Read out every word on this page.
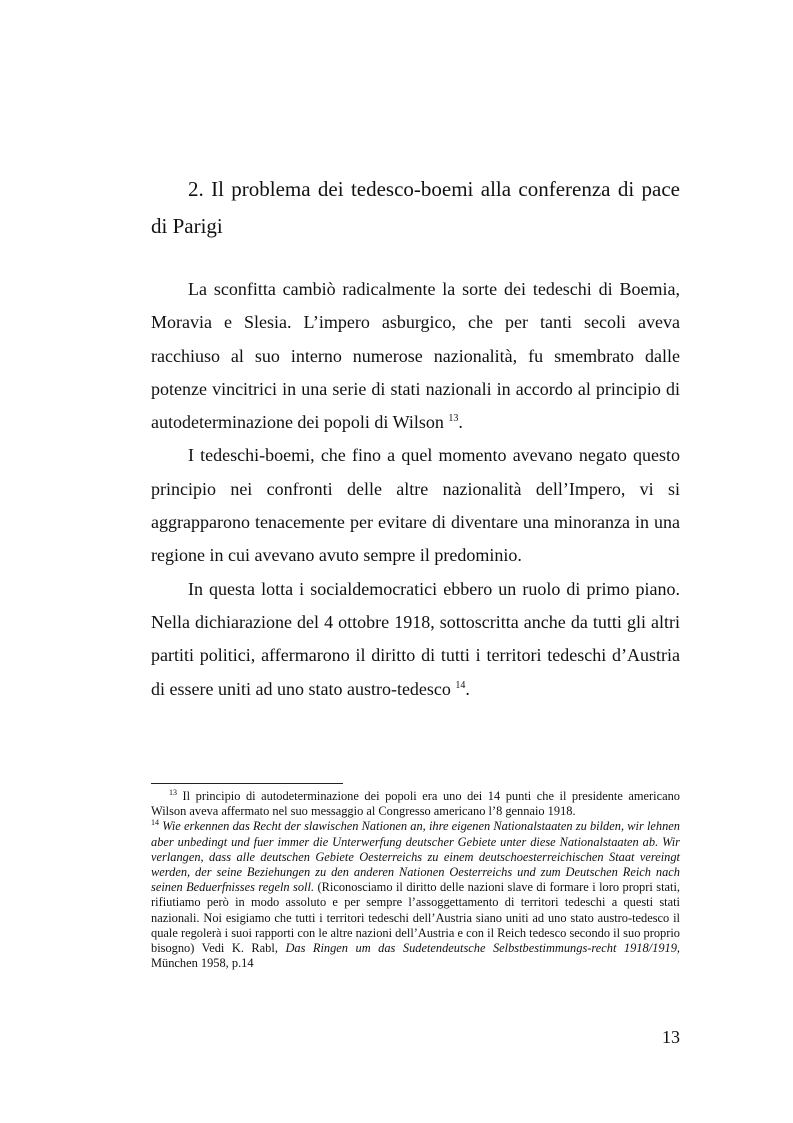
2. Il problema dei tedesco-boemi alla conferenza di pace di Parigi

La sconfitta cambiò radicalmente la sorte dei tedeschi di Boemia, Moravia e Slesia. L’impero asburgico, che per tanti secoli aveva racchiuso al suo interno numerose nazionalità, fu smembrato dalle potenze vincitrici in una serie di stati nazionali in accordo al principio di autodeterminazione dei popoli di Wilson $^{13}$.

I tedeschi-boemi, che fino a quel momento avevano negato questo principio nei confronti delle altre nazionalità dell’Impero, vi si aggrapparono tenacemente per evitare di diventare una minoranza in una regione in cui avevano avuto sempre il predominio.

In questa lotta i socialdemocratici ebbero un ruolo di primo piano. Nella dichiarazione del 4 ottobre 1918, sottoscritta anche da tutti gli altri partiti politici, affermarono il diritto di tutti i territori tedeschi d’Austria di essere uniti ad uno stato austro-tedesco $^{14}$.

$^{13}$ Il principio di autodeterminazione dei popoli era uno dei 14 punti che il presidente americano Wilson aveva affermato nel suo messaggio al Congresso americano l’8 gennaio 1918.

$^{14}$ Wie erkennen das Recht der slawischen Nationen an, ihre eigenen Nationalstaaten zu bilden, wir lehnen aber unbedingt und fuer immer die Unterwerfung deutscher Gebiete unter diese Nationalstaaten ab. Wir verlangen, dass alle deutschen Gebiete Oesterreichs zu einem deutschoesterreichischen Staat vereingt werden, der seine Beziehungen zu den anderen Nationen Oesterreichs und zum Deutschen Reich nach seinen Beduerfnisses regeln soll. (Riconosciamo il diritto delle nazioni slave di formare i loro propri stati, rifiutiamo però in modo assoluto e per sempre l’assoggettamento di territori tedeschi a questi stati nazionali. Noi esigiamo che tutti i territori tedeschi dell’Austria siano uniti ad uno stato austro-tedesco il quale regolerà i suoi rapporti con le altre nazioni dell’Austria e con il Reich tedesco secondo il suo proprio bisogno) Vedi K. Rabl, Das Ringen um das Sudetendeutsche Selbstbestimmungs-recht 1918/1919, München 1958, p.14

13
